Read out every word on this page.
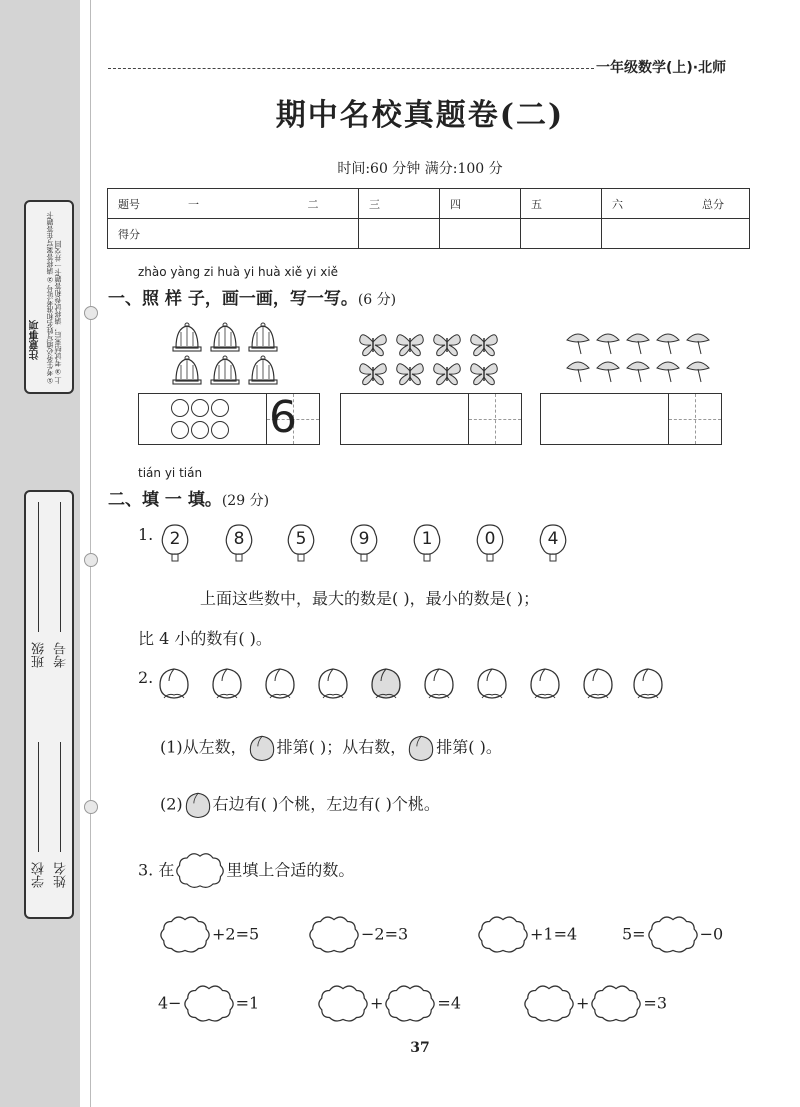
注意事项 ①考生务必填写姓名和准考证号 ②请将答案写在答题卡上 ③考试结束后，请将试卷和答题卡一并交回
学校 姓名
班级 考号
一年级数学(上)·北师
期中名校真题卷(二)
时间:60 分钟 满分:100 分
题号	一	二	三	四	五	六	总分
得分							
zhào yàng zi huà yi huà xiě yi xiě
一、照 样 子，画一画，写一写。(6 分)
6
tián yi tián
二、填 一 填。(29 分)
1. 2	8	5	9	1	0	4
上面这些数中，最大的数是( )，最小的数是( )；
比 4 小的数有( )。
2.
(1)从左数， 排第( )；从右数， 排第( )。
(2) 右边有( )个桃，左边有( )个桃。
3. 在	里填上合适的数。
+2=5	−2=3	+1=4	5=	−0
4−	=1	+	=4	+	=3
37
